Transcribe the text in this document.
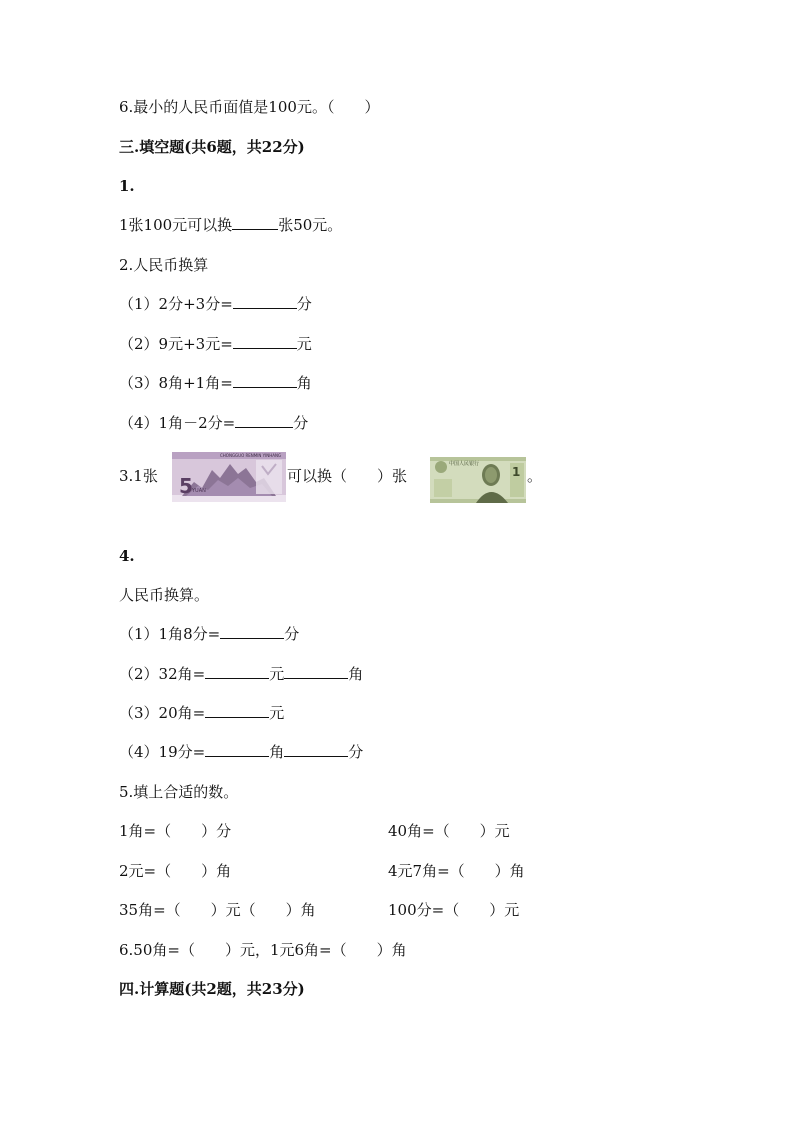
6.最小的人民币面值是100元。（　　）
三.填空题(共6题，共22分)
1.
1张100元可以换	张50元。
2.人民币换算
（1）2分+3分=	分
（2）9元+3元=	元
（3）8角+1角=	角
（4）1角－2分=	分
3.1张 5 YUAN
CHONGGUO RENMIN YINHANG
可以换（　　）张
中国人民银行
1 。
4.
人民币换算。
（1）1角8分=	分
（2）32角=	元	角
（3）20角=	元
（4）19分=	角	分
5.填上合适的数。
1角=（　　）分	40角=（　　）元
2元=（　　）角	4元7角=（　　）角
35角=（　　）元（　　）角	100分=（　　）元
6.50角=（　　）元，1元6角=（　　）角
四.计算题(共2题，共23分)
